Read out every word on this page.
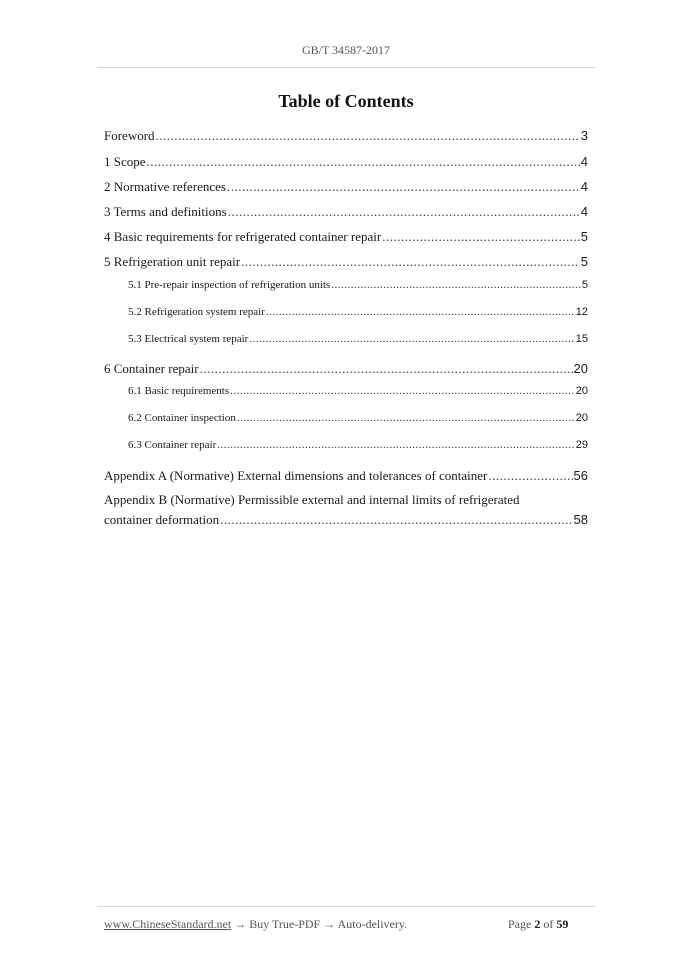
GB/T 34587-2017
Table of Contents
Foreword .....	3
1 Scope .....	4
2 Normative references .....	4
3 Terms and definitions .....	4
4 Basic requirements for refrigerated container repair .....	5
5 Refrigeration unit repair .....	5
5.1 Pre-repair inspection of refrigeration units .....	5
5.2 Refrigeration system repair .....	12
5.3 Electrical system repair .....	15
6 Container repair .....	20
6.1 Basic requirements .....	20
6.2 Container inspection .....	20
6.3 Container repair .....	29
Appendix A (Normative) External dimensions and tolerances of container .....	56
Appendix B (Normative) Permissible external and internal limits of refrigerated
container deformation .....	58
www.ChineseStandard.net → Buy True-PDF → Auto-delivery.	Page 2 of 59
